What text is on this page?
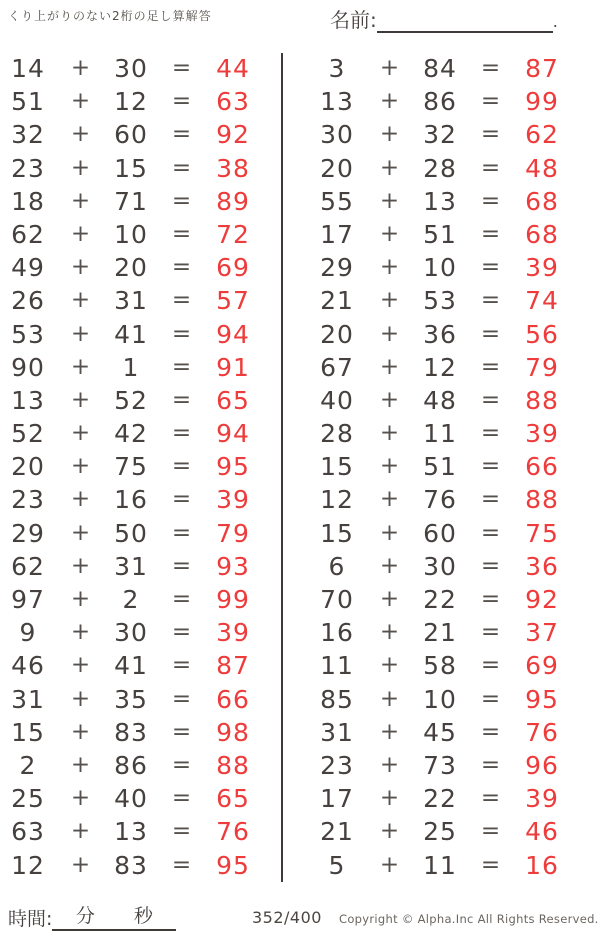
くり上がりのない2桁の足し算解答	名前:	.
14	+ 30	= 44
51	+ 12	= 63
32	+ 60	= 92
23	+ 15	= 38
18	+ 71	= 89
62	+ 10	= 72
49	+ 20	= 69
26	+ 31	= 57
53	+ 41	= 94
90	+	1	= 91
13	+ 52	= 65
52	+ 42	= 94
20	+ 75	= 95
23	+ 16	= 39
29	+ 50	= 79
62	+ 31	= 93
97	+	2	= 99
9	+ 30	= 39
46	+ 41	= 87
31	+ 35	= 66
15	+ 83	= 98
2	+ 86	= 88
25	+ 40	= 65
63	+ 13	= 76
12	+ 83	= 95
3	+ 84	= 87
13	+ 86	= 99
30	+ 32	= 62
20	+ 28	= 48
55	+ 13	= 68
17	+ 51	= 68
29	+ 10	= 39
21	+ 53	= 74
20	+ 36	= 56
67	+ 12	= 79
40	+ 48	= 88
28	+ 11	= 39
15	+ 51	= 66
12	+ 76	= 88
15	+ 60	= 75
6	+ 30	= 36
70	+ 22	= 92
16	+ 21	= 37
11	+ 58	= 69
85	+ 10	= 95
31	+ 45	= 76
23	+ 73	= 96
17	+ 22	= 39
21	+ 25	= 46
5	+ 11	= 16
時間: 分 秒	352/400 Copyright © Alpha.Inc All Rights Reserved.
